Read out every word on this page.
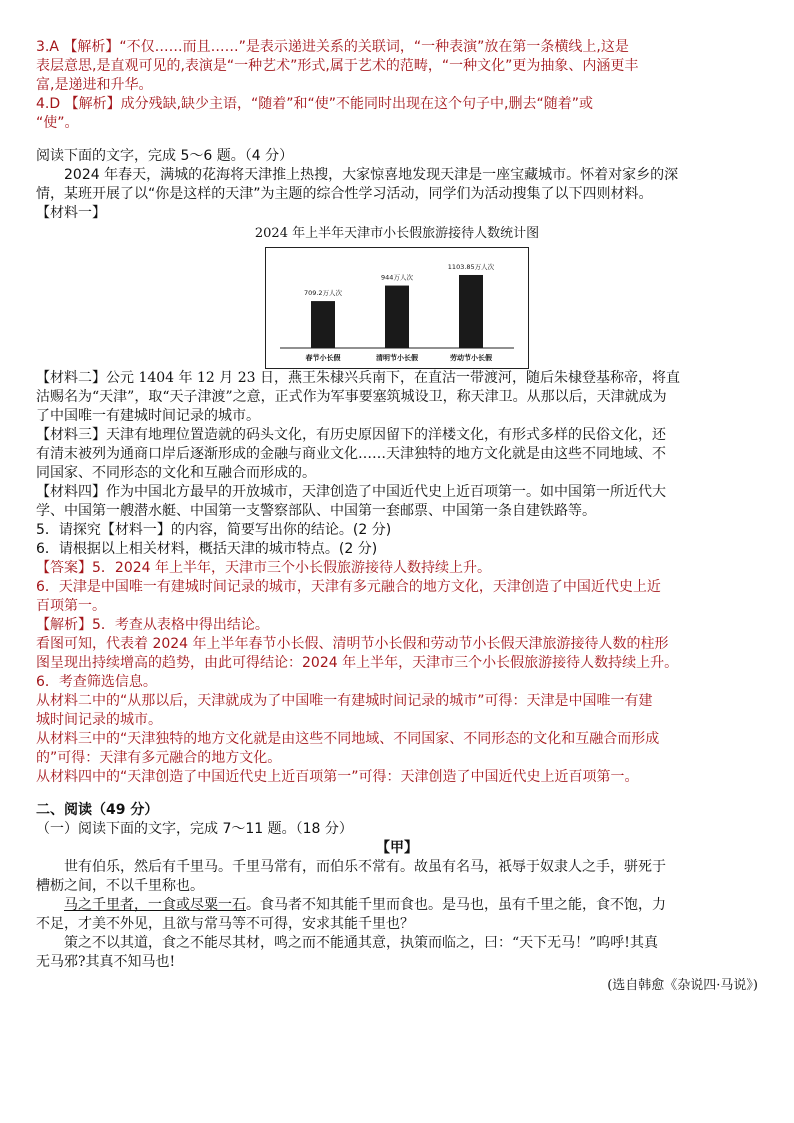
3.A 【解析】“不仅……而且……”是表示递进关系的关联词，“一种表演”放在第一条横线上,这是
表层意思,是直观可见的,表演是“一种艺术”形式,属于艺术的范畴，“一种文化”更为抽象、内涵更丰
富,是递进和升华。
4.D 【解析】成分残缺,缺少主语，“随着”和“使”不能同时出现在这个句子中,删去“随着”或
“使”。
阅读下面的文字，完成 5～6 题。（4 分）
2024 年春天，满城的花海将天津推上热搜，大家惊喜地发现天津是一座宝藏城市。怀着对家乡的深
情，某班开展了以“你是这样的天津”为主题的综合性学习活动，同学们为活动搜集了以下四则材料。
【材料一】
2024 年上半年天津市小长假旅游接待人数统计图
709.2万人次
春节小长假
944万人次
清明节小长假
1103.85万人次
劳动节小长假
【材料二】公元 1404 年 12 月 23 日，燕王朱棣兴兵南下，在直沽一带渡河，随后朱棣登基称帝，将直
沽赐名为“天津”，取“天子津渡”之意，正式作为军事要塞筑城设卫，称天津卫。从那以后，天津就成为
了中国唯一有建城时间记录的城市。
【材料三】天津有地理位置造就的码头文化，有历史原因留下的洋楼文化，有形式多样的民俗文化，还
有清末被列为通商口岸后逐渐形成的金融与商业文化……天津独特的地方文化就是由这些不同地域、不
同国家、不同形态的文化和互融合而形成的。
【材料四】作为中国北方最早的开放城市，天津创造了中国近代史上近百项第一。如中国第一所近代大
学、中国第一艘潜水艇、中国第一支警察部队、中国第一套邮票、中国第一条自建铁路等。
5．请探究【材料一】的内容，简要写出你的结论。(2 分)
6．请根据以上相关材料，概括天津的城市特点。(2 分)
【答案】5．2024 年上半年，天津市三个小长假旅游接待人数持续上升。
6．天津是中国唯一有建城时间记录的城市，天津有多元融合的地方文化，天津创造了中国近代史上近
百项第一。
【解析】5．考查从表格中得出结论。
看图可知，代表着 2024 年上半年春节小长假、清明节小长假和劳动节小长假天津旅游接待人数的柱形
图呈现出持续增高的趋势，由此可得结论：2024 年上半年，天津市三个小长假旅游接待人数持续上升。
6．考查筛选信息。
从材料二中的“从那以后，天津就成为了中国唯一有建城时间记录的城市”可得：天津是中国唯一有建
城时间记录的城市。
从材料三中的“天津独特的地方文化就是由这些不同地域、不同国家、不同形态的文化和互融合而形成
的”可得：天津有多元融合的地方文化。
从材料四中的“天津创造了中国近代史上近百项第一”可得：天津创造了中国近代史上近百项第一。
二、阅读（49 分）
（一）阅读下面的文字，完成 7～11 题。（18 分）
【甲】
世有伯乐，然后有千里马。千里马常有，而伯乐不常有。故虽有名马，祇辱于奴隶人之手，骈死于
槽枥之间，不以千里称也。
马之千里者，一食或尽粟一石。食马者不知其能千里而食也。是马也，虽有千里之能，食不饱，力
不足，才美不外见，且欲与常马等不可得，安求其能千里也？
策之不以其道，食之不能尽其材，鸣之而不能通其意，执策而临之，曰：“天下无马！”呜呼!其真
无马邪?其真不知马也!
(选自韩愈《杂说四·马说》)
